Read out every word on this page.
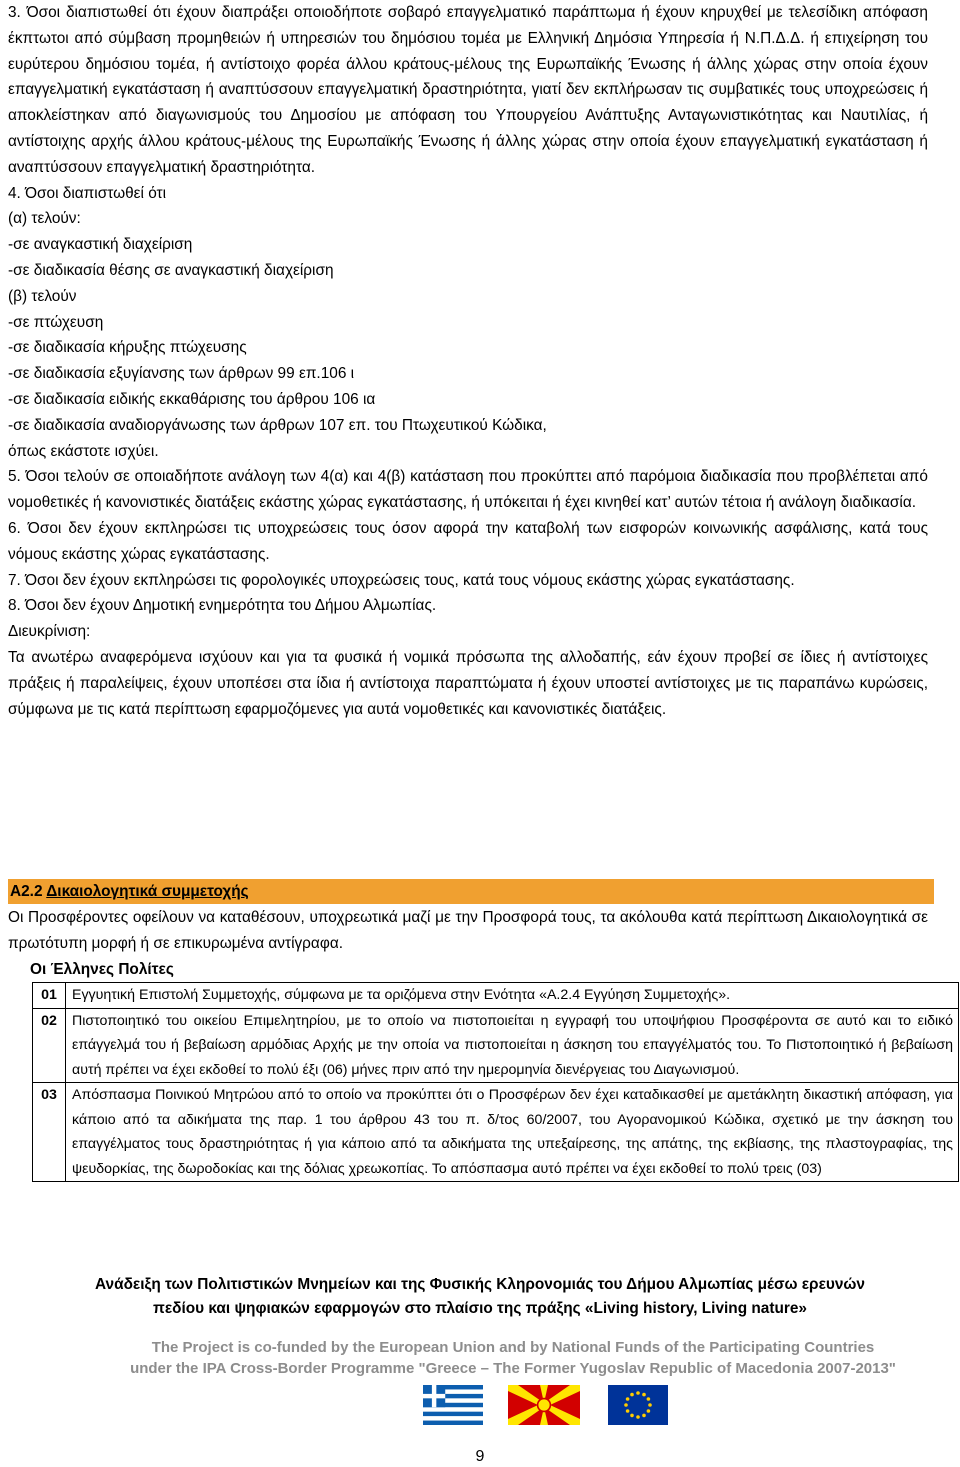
3. Όσοι διαπιστωθεί ότι έχουν διαπράξει οποιοδήποτε σοβαρό επαγγελματικό παράπτωμα ή έχουν κηρυχθεί με τελεσίδικη απόφαση έκπτωτοι από σύμβαση προμηθειών ή υπηρεσιών του δημόσιου τομέα με Ελληνική Δημόσια Υπηρεσία ή Ν.Π.Δ.Δ. ή επιχείρηση του ευρύτερου δημόσιου τομέα, ή αντίστοιχο φορέα άλλου κράτους-μέλους της Ευρωπαϊκής Ένωσης ή άλλης χώρας στην οποία έχουν επαγγελματική εγκατάσταση ή αναπτύσσουν επαγγελματική δραστηριότητα, γιατί δεν εκπλήρωσαν τις συμβατικές τους υποχρεώσεις ή αποκλείστηκαν από διαγωνισμούς του Δημοσίου με απόφαση του Υπουργείου Ανάπτυξης Ανταγωνιστικότητας και Ναυτιλίας, ή αντίστοιχης αρχής άλλου κράτους-μέλους της Ευρωπαϊκής Ένωσης ή άλλης χώρας στην οποία έχουν επαγγελματική εγκατάσταση ή αναπτύσσουν επαγγελματική δραστηριότητα.

4. Όσοι διαπιστωθεί ότι

(α) τελούν:

-σε αναγκαστική διαχείριση

-σε διαδικασία θέσης σε αναγκαστική διαχείριση

(β) τελούν

-σε πτώχευση

-σε διαδικασία κήρυξης πτώχευσης

-σε διαδικασία εξυγίανσης των άρθρων 99 επ.106 ι

-σε διαδικασία ειδικής εκκαθάρισης του άρθρου 106 ια

-σε διαδικασία αναδιοργάνωσης των άρθρων 107 επ. του Πτωχευτικού Κώδικα,

όπως εκάστοτε ισχύει.

5. Όσοι τελούν σε οποιαδήποτε ανάλογη των 4(α) και 4(β) κατάσταση που προκύπτει από παρόμοια διαδικασία που προβλέπεται από νομοθετικές ή κανονιστικές διατάξεις εκάστης χώρας εγκατάστασης, ή υπόκειται ή έχει κινηθεί κατ’ αυτών τέτοια ή ανάλογη διαδικασία.

6. Όσοι δεν έχουν εκπληρώσει τις υποχρεώσεις τους όσον αφορά την καταβολή των εισφορών κοινωνικής ασφάλισης, κατά τους νόμους εκάστης χώρας εγκατάστασης.

7. Όσοι δεν έχουν εκπληρώσει τις φορολογικές υποχρεώσεις τους, κατά τους νόμους εκάστης χώρας εγκατάστασης.

8. Όσοι δεν έχουν Δημοτική ενημερότητα του Δήμου Αλμωπίας.

Διευκρίνιση:

Τα ανωτέρω αναφερόμενα ισχύουν και για τα φυσικά ή νομικά πρόσωπα της αλλοδαπής, εάν έχουν προβεί σε ίδιες ή αντίστοιχες πράξεις ή παραλείψεις, έχουν υποπέσει στα ίδια ή αντίστοιχα παραπτώματα ή έχουν υποστεί αντίστοιχες με τις παραπάνω κυρώσεις, σύμφωνα με τις κατά περίπτωση εφαρμοζόμενες για αυτά νομοθετικές και κανονιστικές διατάξεις.

Α2.2 Δικαιολογητικά συμμετοχής

Οι Προσφέροντες οφείλουν να καταθέσουν, υποχρεωτικά μαζί με την Προσφορά τους, τα ακόλουθα κατά περίπτωση Δικαιολογητικά σε πρωτότυπη μορφή ή σε επικυρωμένα αντίγραφα.

Οι Έλληνες Πολίτες
01	Εγγυητική Επιστολή Συμμετοχής, σύμφωνα με τα οριζόμενα στην Ενότητα «Α.2.4 Εγγύηση Συμμετοχής».
02	Πιστοποιητικό του οικείου Επιμελητηρίου, με το οποίο να πιστοποιείται η εγγραφή του υποψήφιου Προσφέροντα σε αυτό και το ειδικό επάγγελμά του ή βεβαίωση αρμόδιας Αρχής με την οποία να πιστοποιείται η άσκηση του επαγγέλματός του. Το Πιστοποιητικό ή βεβαίωση αυτή πρέπει να έχει εκδοθεί το πολύ έξι (06) μήνες πριν από την ημερομηνία διενέργειας του Διαγωνισμού.
03	Απόσπασμα Ποινικού Μητρώου από το οποίο να προκύπτει ότι ο Προσφέρων δεν έχει καταδικασθεί με αμετάκλητη δικαστική απόφαση, για κάποιο από τα αδικήματα της παρ. 1 του άρθρου 43 του π. δ/τος 60/2007, του Αγορανομικού Κώδικα, σχετικό με την άσκηση του επαγγέλματος τους δραστηριότητας ή για κάποιο από τα αδικήματα της υπεξαίρεσης, της απάτης, της εκβίασης, της πλαστογραφίας, της ψευδορκίας, της δωροδοκίας και της δόλιας χρεωκοπίας. Το απόσπασμα αυτό πρέπει να έχει εκδοθεί το πολύ τρεις (03)
Ανάδειξη των Πολιτιστικών Μνημείων και της Φυσικής Κληρονομιάς του Δήμου Αλμωπίας μέσω ερευνών
πεδίου και ψηφιακών εφαρμογών στο πλαίσιο της πράξης «Living history, Living nature»
The Project is co-funded by the European Union and by National Funds of the Participating Countries
under the IPA Cross-Border Programme "Greece – The Former Yugoslav Republic of Macedonia 2007-2013"
9
